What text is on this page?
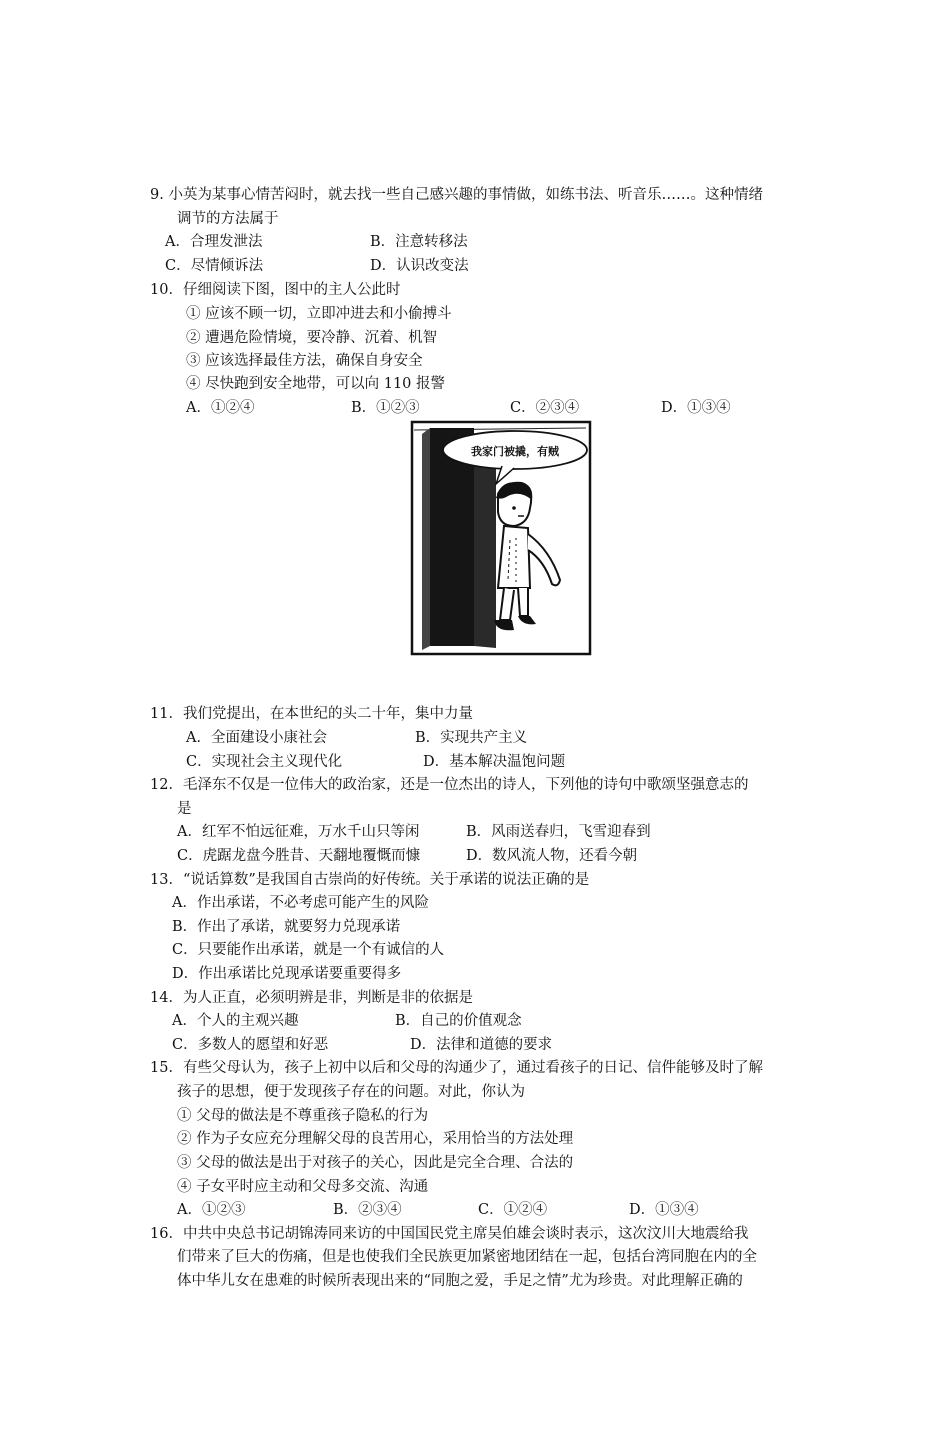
9. 小英为某事心情苦闷时，就去找一些自己感兴趣的事情做，如练书法、听音乐……。这种情绪
调节的方法属于
A．合理发泄法	B．注意转移法
C．尽情倾诉法	D．认识改变法
10．仔细阅读下图，图中的主人公此时
① 应该不顾一切，立即冲进去和小偷搏斗
② 遭遇危险情境，要冷静、沉着、机智
③ 应该选择最佳方法，确保自身安全
④ 尽快跑到安全地带，可以向 110 报警
A．①②④	B．①②③	C．②③④	D．①③④
我家门被撬，有贼
11．我们党提出，在本世纪的头二十年，集中力量
A．全面建设小康社会	B．实现共产主义
C．实现社会主义现代化	D．基本解决温饱问题
12．毛泽东不仅是一位伟大的政治家，还是一位杰出的诗人，下列他的诗句中歌颂坚强意志的
是
A．红军不怕远征难，万水千山只等闲	B．风雨送春归，飞雪迎春到
C．虎踞龙盘今胜昔、天翻地覆慨而慷	D．数风流人物，还看今朝
13．“说话算数”是我国自古崇尚的好传统。关于承诺的说法正确的是
A．作出承诺，不必考虑可能产生的风险
B．作出了承诺，就要努力兑现承诺
C．只要能作出承诺，就是一个有诚信的人
D．作出承诺比兑现承诺要重要得多
14．为人正直，必须明辨是非，判断是非的依据是
A．个人的主观兴趣	B．自己的价值观念
C．多数人的愿望和好恶	D．法律和道德的要求
15．有些父母认为，孩子上初中以后和父母的沟通少了，通过看孩子的日记、信件能够及时了解
孩子的思想，便于发现孩子存在的问题。对此，你认为
① 父母的做法是不尊重孩子隐私的行为
② 作为子女应充分理解父母的良苦用心，采用恰当的方法处理
③ 父母的做法是出于对孩子的关心，因此是完全合理、合法的
④ 子女平时应主动和父母多交流、沟通
A．①②③	B．②③④	C．①②④	D．①③④
16．中共中央总书记胡锦涛同来访的中国国民党主席吴伯雄会谈时表示，这次汶川大地震给我
们带来了巨大的伤痛，但是也使我们全民族更加紧密地团结在一起，包括台湾同胞在内的全
体中华儿女在患难的时候所表现出来的“同胞之爱，手足之情”尤为珍贵。对此理解正确的
